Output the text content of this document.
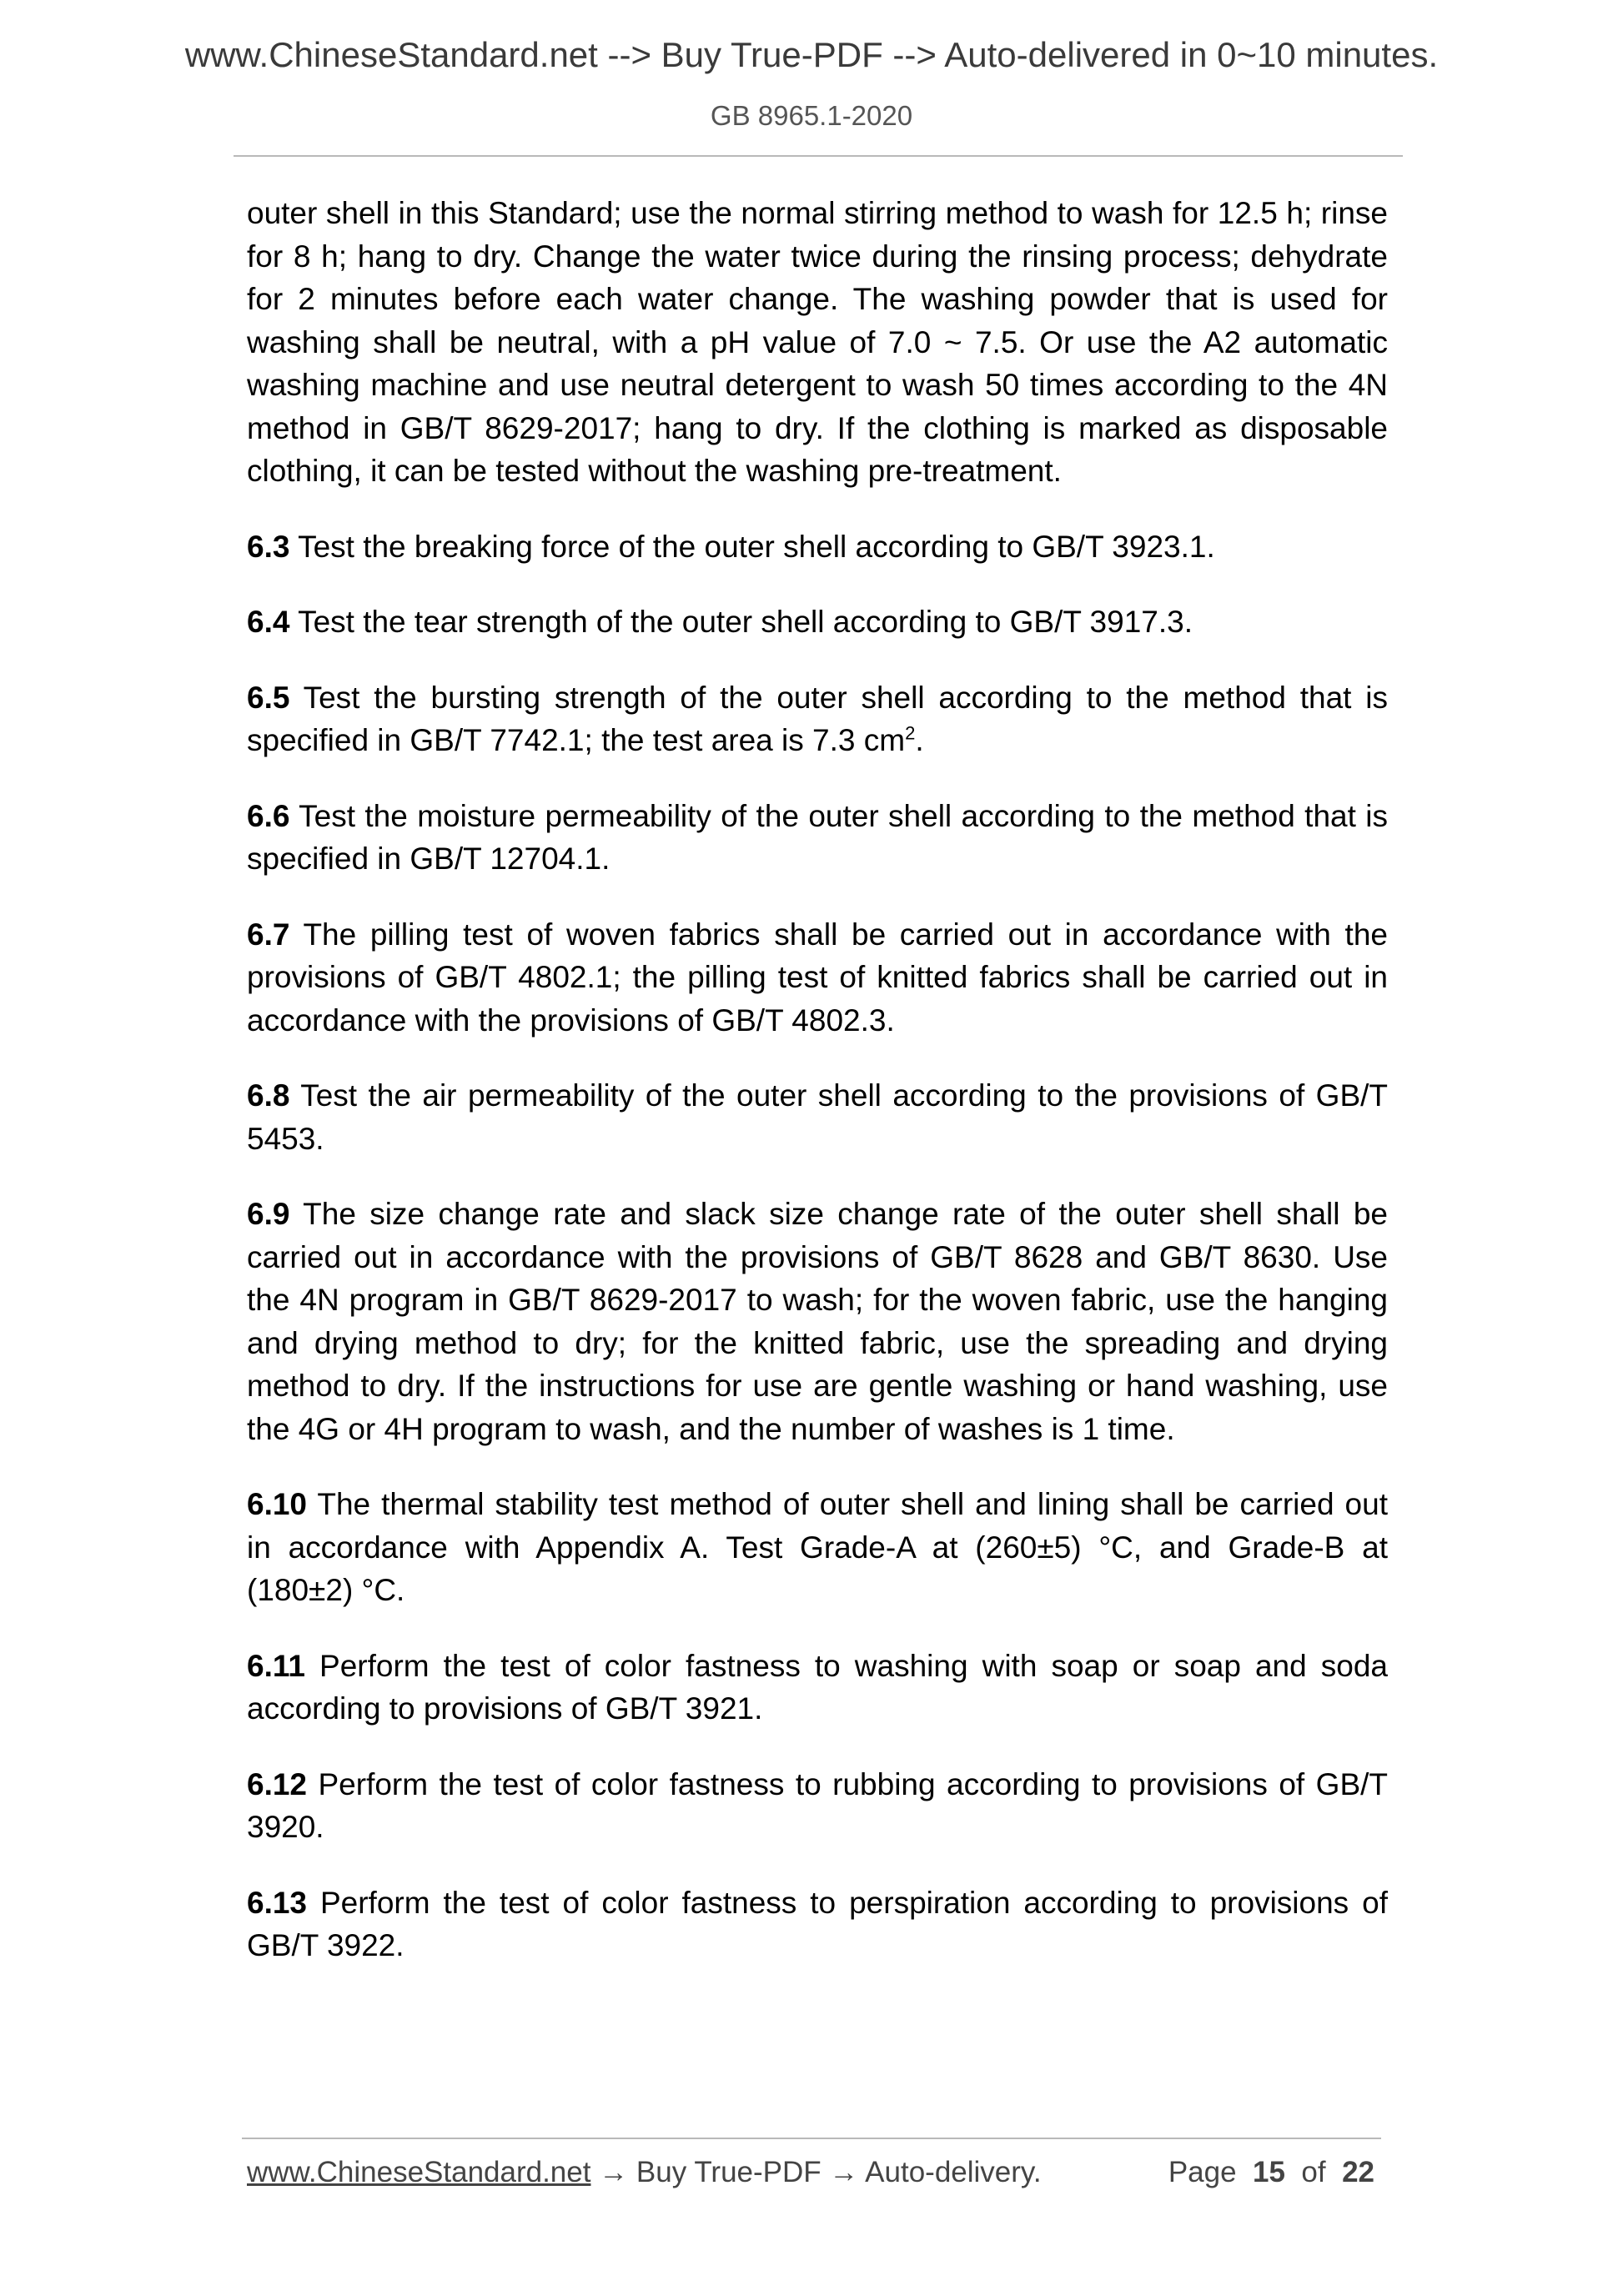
www.ChineseStandard.net --> Buy True-PDF --> Auto-delivered in 0~10 minutes.
GB 8965.1-2020

outer shell in this Standard; use the normal stirring method to wash for 12.5 h; rinse for 8 h; hang to dry. Change the water twice during the rinsing process; dehydrate for 2 minutes before each water change. The washing powder that is used for washing shall be neutral, with a pH value of 7.0 ~ 7.5. Or use the A2 automatic washing machine and use neutral detergent to wash 50 times according to the 4N method in GB/T 8629-2017; hang to dry. If the clothing is marked as disposable clothing, it can be tested without the washing pre-treatment.

6.3 Test the breaking force of the outer shell according to GB/T 3923.1.

6.4 Test the tear strength of the outer shell according to GB/T 3917.3.

6.5 Test the bursting strength of the outer shell according to the method that is specified in GB/T 7742.1; the test area is 7.3 $cm^2$.

6.6 Test the moisture permeability of the outer shell according to the method that is specified in GB/T 12704.1.

6.7 The pilling test of woven fabrics shall be carried out in accordance with the provisions of GB/T 4802.1; the pilling test of knitted fabrics shall be carried out in accordance with the provisions of GB/T 4802.3.

6.8 Test the air permeability of the outer shell according to the provisions of GB/T 5453.

6.9 The size change rate and slack size change rate of the outer shell shall be carried out in accordance with the provisions of GB/T 8628 and GB/T 8630. Use the 4N program in GB/T 8629-2017 to wash; for the woven fabric, use the hanging and drying method to dry; for the knitted fabric, use the spreading and drying method to dry. If the instructions for use are gentle washing or hand washing, use the 4G or 4H program to wash, and the number of washes is 1 time.

6.10 The thermal stability test method of outer shell and lining shall be carried out in accordance with Appendix A. Test Grade-A at (260±5) °C, and Grade-B at (180±2) °C.

6.11 Perform the test of color fastness to washing with soap or soap and soda according to provisions of GB/T 3921.

6.12 Perform the test of color fastness to rubbing according to provisions of GB/T 3920.

6.13 Perform the test of color fastness to perspiration according to provisions of GB/T 3922.

www.ChineseStandard.net → Buy True-PDF → Auto-delivery.	Page 15 of 22
